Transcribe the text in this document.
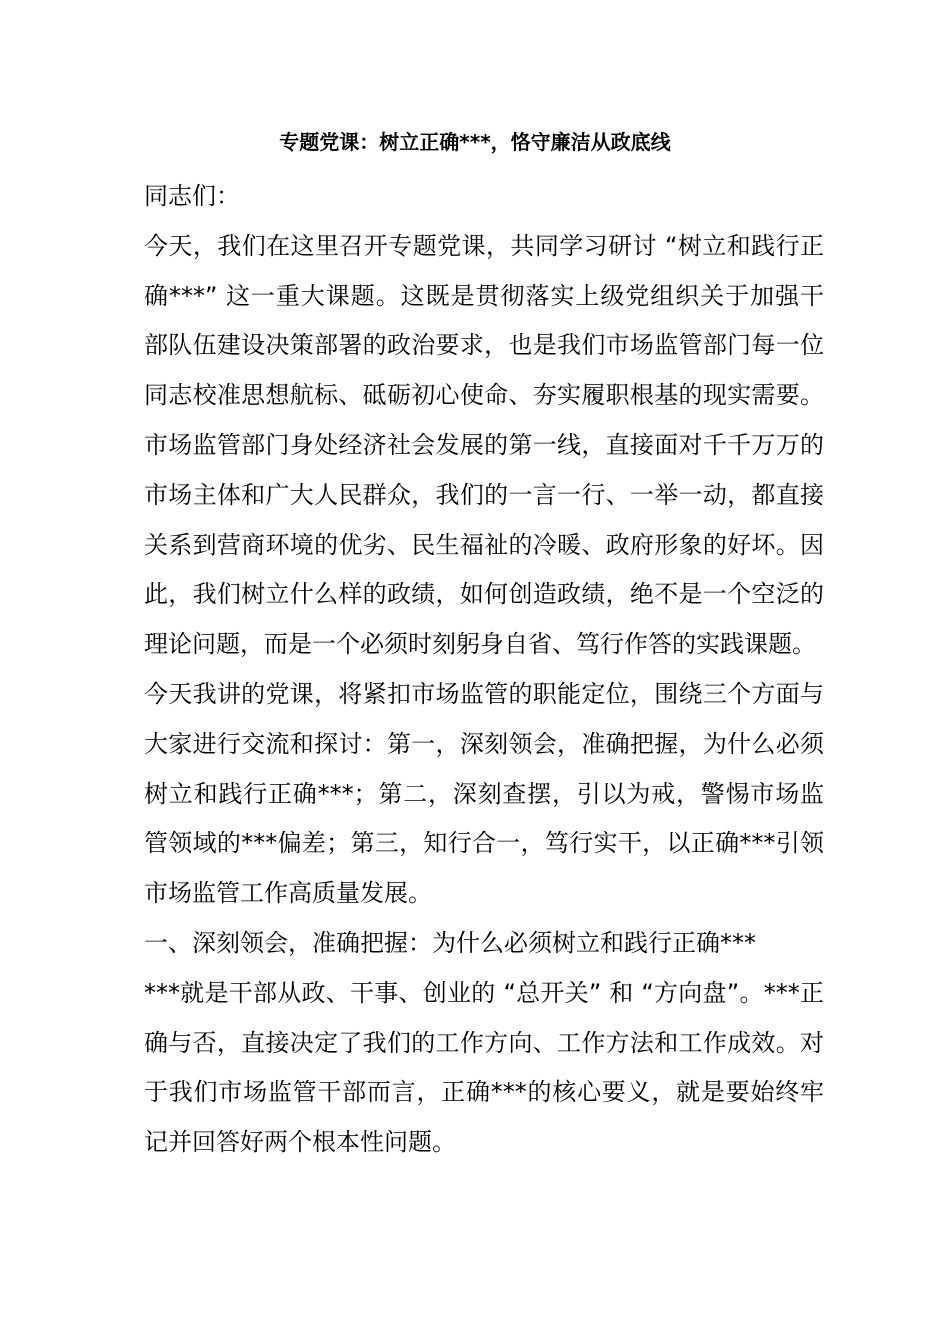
专题党课：树立正确***，恪守廉洁从政底线

同志们：

今天，我们在这里召开专题党课，共同学习研讨 “树立和践行正确***” 这一重大课题。这既是贯彻落实上级党组织关于加强干部队伍建设决策部署的政治要求，也是我们市场监管部门每一位同志校准思想航标、砥砺初心使命、夯实履职根基的现实需要。市场监管部门身处经济社会发展的第一线，直接面对千千万万的市场主体和广大人民群众，我们的一言一行、一举一动，都直接关系到营商环境的优劣、民生福祉的冷暖、政府形象的好坏。因此，我们树立什么样的政绩，如何创造政绩，绝不是一个空泛的理论问题，而是一个必须时刻躬身自省、笃行作答的实践课题。

今天我讲的党课，将紧扣市场监管的职能定位，围绕三个方面与大家进行交流和探讨：第一，深刻领会，准确把握，为什么必须树立和践行正确***；第二，深刻查摆，引以为戒，警惕市场监管领域的***偏差；第三，知行合一，笃行实干，以正确***引领市场监管工作高质量发展。

一、深刻领会，准确把握：为什么必须树立和践行正确***

***就是干部从政、干事、创业的 “总开关” 和 “方向盘”。***正确与否，直接决定了我们的工作方向、工作方法和工作成效。对于我们市场监管干部而言，正确***的核心要义，就是要始终牢记并回答好两个根本性问题。
